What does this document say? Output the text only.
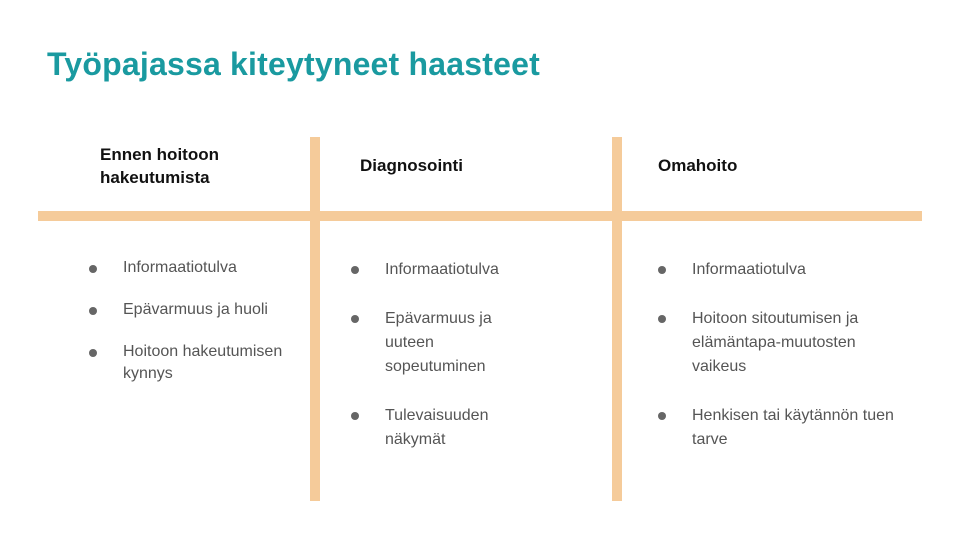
Työpajassa kiteytyneet haasteet
Ennen hoitoon hakeutumista
Diagnosointi	Omahoito
Informaatiotulva
Epävarmuus ja huoli
Hoitoon hakeutumisen kynnys
Informaatiotulva
Epävarmuus ja uuteen sopeutuminen
Tulevaisuuden näkymät
Informaatiotulva
Hoitoon sitoutumisen ja elämäntapa-muutosten vaikeus
Henkisen tai käytännön tuen tarve
